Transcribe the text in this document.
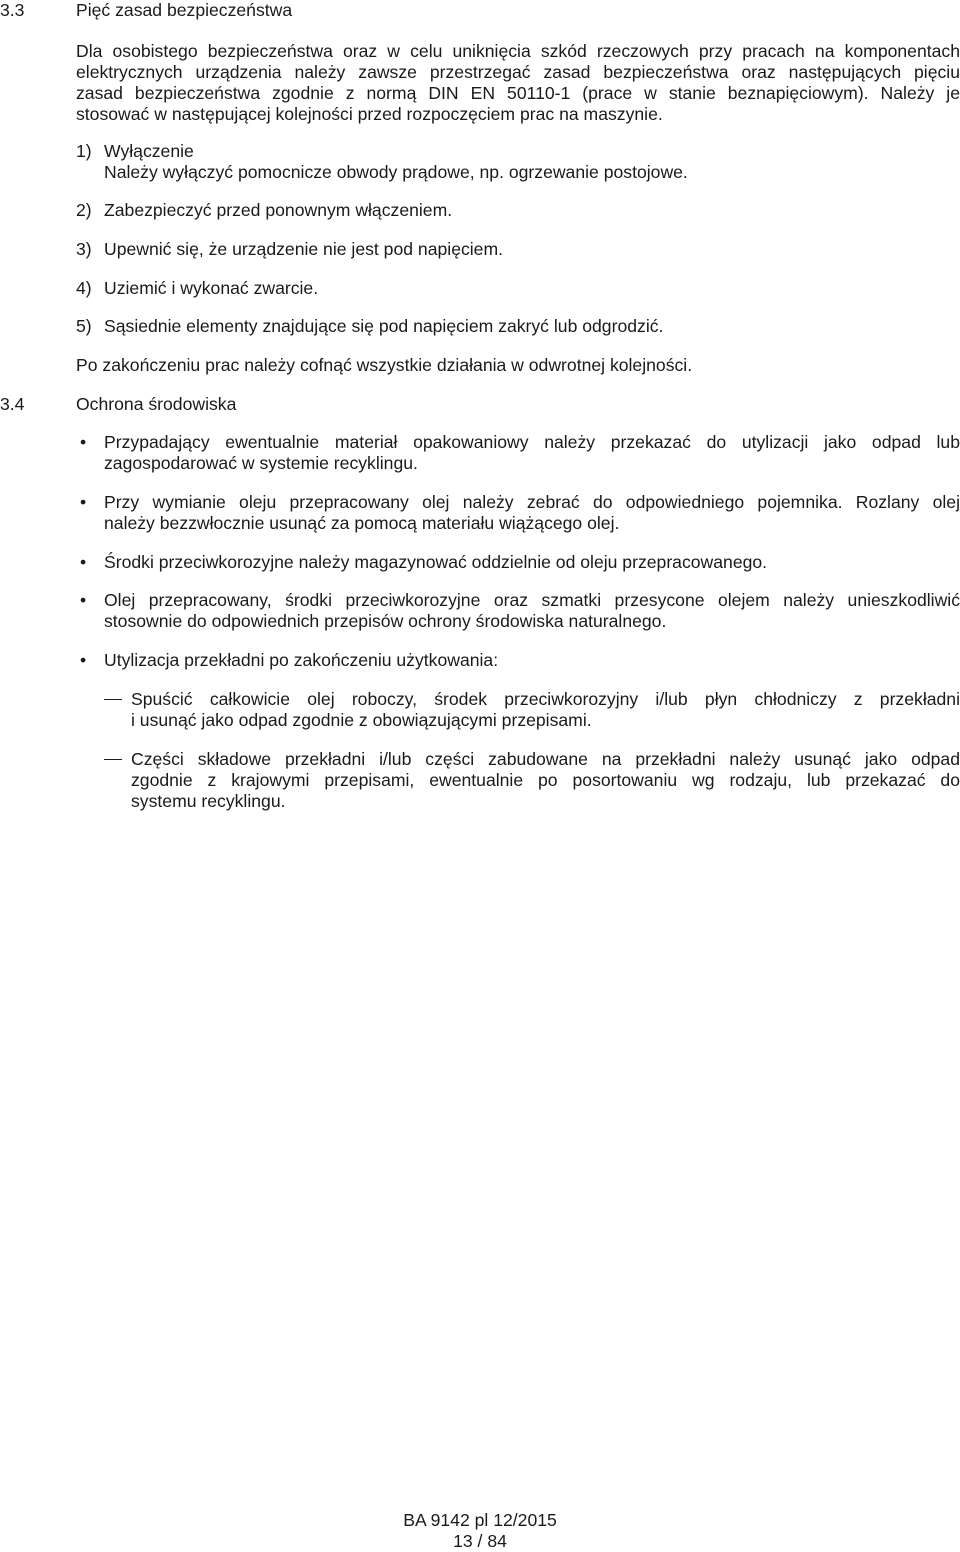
3.3	Pięć zasad bezpieczeństwa
Dla osobistego bezpieczeństwa oraz w celu uniknięcia szkód rzeczowych przy pracach na komponentach
elektrycznych urządzenia należy zawsze przestrzegać zasad bezpieczeństwa oraz następujących pięciu
zasad bezpieczeństwa zgodnie z normą DIN EN 50110-1 (prace w stanie beznapięciowym). Należy je
stosować w następującej kolejności przed rozpoczęciem prac na maszynie.
1) Wyłączenie
Należy wyłączyć pomocnicze obwody prądowe, np. ogrzewanie postojowe.
2) Zabezpieczyć przed ponownym włączeniem.
3) Upewnić się, że urządzenie nie jest pod napięciem.
4) Uziemić i wykonać zwarcie.
5) Sąsiednie elementy znajdujące się pod napięciem zakryć lub odgrodzić.
Po zakończeniu prac należy cofnąć wszystkie działania w odwrotnej kolejności.
3.4	Ochrona środowiska
• Przypadający ewentualnie materiał opakowaniowy należy przekazać do utylizacji jako odpad lub
zagospodarować w systemie recyklingu.
• Przy wymianie oleju przepracowany olej należy zebrać do odpowiedniego pojemnika. Rozlany olej
należy bezzwłocznie usunąć za pomocą materiału wiążącego olej.
• Środki przeciwkorozyjne należy magazynować oddzielnie od oleju przepracowanego.
• Olej przepracowany, środki przeciwkorozyjne oraz szmatki przesycone olejem należy unieszkodliwić
stosownie do odpowiednich przepisów ochrony środowiska naturalnego.
• Utylizacja przekładni po zakończeniu użytkowania:
Spuścić całkowicie olej roboczy, środek przeciwkorozyjny i/lub płyn chłodniczy z przekładni
i usunąć jako odpad zgodnie z obowiązującymi przepisami.
Części składowe przekładni i/lub części zabudowane na przekładni należy usunąć jako odpad
zgodnie z krajowymi przepisami, ewentualnie po posortowaniu wg rodzaju, lub przekazać do
systemu recyklingu.
BA 9142 pl 12/2015
13 / 84
